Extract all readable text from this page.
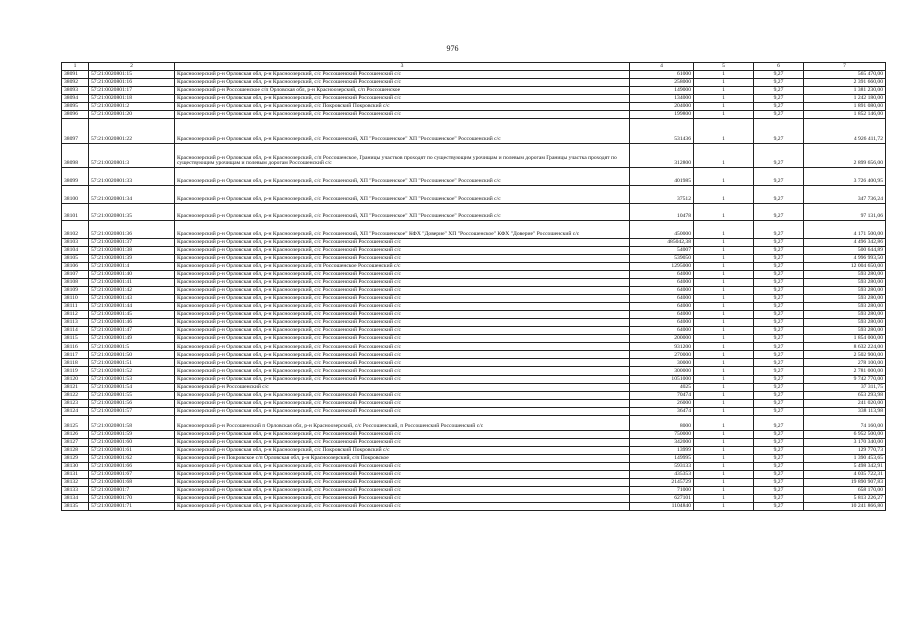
976
1	2	3	4	5	6	7
38091	57:21:0020801:15	Красноозерский р-н Орловская обл, р-н Красноозерский, с/с Россошенский Россошенский с/с	61000	1	9,27	565 470,00
38092	57:21:0020801:16	Красноозерский р-н Орловская обл, р-н Красноозерский, с/с Россошенский Россошенский с/с	258000	1	9,27	2 391 660,00
38093	57:21:0020801:17	Красноозерский р-н Россошенское с/п Орловская обл, р-н Красноозерский, с/п Россошенское	149000	1	9,27	1 381 230,00
38094	57:21:0020801:18	Красноозерский р-н Орловская обл, р-н Красноозерский, с/с Россошенский Россошенский с/с	134000	1	9,27	1 242 180,00
38095	57:21:0020801:2	Красноозерский р-н Орловская обл, р-н Красноозерский, с/с Покровский Покровский с/с	204000	1	9,27	1 891 080,00
38096	57:21:0020801:20	Красноозерский р-н Орловская обл, р-н Красноозерский, с/с Россошенский Россошенский с/с	199800	1	9,27	1 852 146,00
38097	57:21:0020801:22	Красноозерский р-н Орловская обл, р-н Красноозерский, с/с Россошенский, ХП "Россошенское" ХП "Россошенское" Россошенский с/с	531436	1	9,27	4 926 411,72
38098	57:21:0020801:3	Красноозерский р-н Орловская обл, р-н Красноозерский, с/п Россошенское, Границы участков проходят по существующим урочищам и полевым дорогам Границы участка проходят по существующим урочищам и полевым дорогам Россошенский с/с	312800	1	9,27	2 899 656,00
38099	57:21:0020801:33	Красноозерский р-н Орловская обл, р-н Красноозерский, с/с Россошенский, ХП "Россошенское" ХП "Россошенское" Россошенский с/с	401985	1	9,27	3 726 400,95
38100	57:21:0020801:34	Красноозерский р-н Орловская обл, р-н Красноозерский, с/с Россошенский, ХП "Россошенское" ХП "Россошенское" Россошенский с/с	37512	1	9,27	347 736,24
38101	57:21:0020801:35	Красноозерский р-н Орловская обл, р-н Красноозерский, с/с Россошенский, ХП "Россошенское" ХП "Россошенское" Россошенский с/с	10478	1	9,27	97 131,06
38102	57:21:0020801:36	Красноозерский р-н Орловская обл, р-н Красноозерский, с/с Россошенский, ХП "Россошенское" КФХ "Доверие" ХП "Россошенское" КФХ "Доверие" Россошенский с/с	450000	1	9,27	4 171 500,00
38103	57:21:0020801:37	Красноозерский р-н Орловская обл, р-н Красноозерский, с/с Россошенский Россошенский с/с	485042,38	1	9,27	4 496 342,86
38104	57:21:0020801:38	Красноозерский р-н Орловская обл, р-н Красноозерский, с/с Россошенский Россошенский с/с	54007	1	9,27	500 644,89
38105	57:21:0020801:39	Красноозерский р-н Орловская обл, р-н Красноозерский, с/с Россошенский Россошенский с/с	539050	1	9,27	4 996 993,50
38106	57:21:0020801:4	Красноозерский р-н Орловская обл, р-н Красноозерский, с/п Россошенское Россошенский с/с	1295000	1	9,27	12 004 650,00
38107	57:21:0020801:40	Красноозерский р-н Орловская обл, р-н Красноозерский, с/с Россошенский Россошенский с/с	64000	1	9,27	593 280,00
38108	57:21:0020801:41	Красноозерский р-н Орловская обл, р-н Красноозерский, с/с Россошенский Россошенский с/с	64000	1	9,27	593 280,00
38109	57:21:0020801:42	Красноозерский р-н Орловская обл, р-н Красноозерский, с/с Россошенский Россошенский с/с	64000	1	9,27	593 280,00
38110	57:21:0020801:43	Красноозерский р-н Орловская обл, р-н Красноозерский, с/с Россошенский Россошенский с/с	64000	1	9,27	593 280,00
38111	57:21:0020801:44	Красноозерский р-н Орловская обл, р-н Красноозерский, с/с Россошенский Россошенский с/с	64000	1	9,27	593 280,00
38112	57:21:0020801:45	Красноозерский р-н Орловская обл, р-н Красноозерский, с/с Россошенский Россошенский с/с	64000	1	9,27	593 280,00
38113	57:21:0020801:46	Красноозерский р-н Орловская обл, р-н Красноозерский, с/с Россошенский Россошенский с/с	64000	1	9,27	593 280,00
38114	57:21:0020801:47	Красноозерский р-н Орловская обл, р-н Красноозерский, с/с Россошенский Россошенский с/с	64000	1	9,27	593 280,00
38115	57:21:0020801:49	Красноозерский р-н Орловская обл, р-н Красноозерский, с/с Россошенский Россошенский с/с	200000	1	9,27	1 854 000,00
38116	57:21:0020801:5	Красноозерский р-н Орловская обл, р-н Красноозерский, с/с Россошенский Россошенский с/с	931200	1	9,27	8 632 224,00
38117	57:21:0020801:50	Красноозерский р-н Орловская обл, р-н Красноозерский, с/с Россошенский Россошенский с/с	270000	1	9,27	2 502 900,00
38118	57:21:0020801:51	Красноозерский р-н Орловская обл, р-н Красноозерский, с/с Россошенский Россошенский с/с	30000	1	9,27	278 100,00
38119	57:21:0020801:52	Красноозерский р-н Орловская обл, р-н Красноозерский, с/с Россошенский Россошенский с/с	300000	1	9,27	2 781 000,00
38120	57:21:0020801:53	Красноозерский р-н Орловская обл, р-н Красноозерский, с/с Россошенский Россошенский с/с	1051000	1	9,27	9 742 770,00
38121	57:21:0020801:54	Красноозерский р-н Россошенский с/с	4025	1	9,27	37 311,75
38122	57:21:0020801:55	Красноозерский р-н Орловская обл, р-н Красноозерский, с/с Россошенский Россошенский с/с	70474	1	9,27	653 293,98
38123	57:21:0020801:56	Красноозерский р-н Орловская обл, р-н Красноозерский, с/с Россошенский Россошенский с/с	26000	1	9,27	241 020,00
38124	57:21:0020801:57	Красноозерский р-н Орловская обл, р-н Красноозерский, с/с Россошенский Россошенский с/с	36474	1	9,27	338 113,98
38125	57:21:0020801:58	Красноозерский р-н Россошенский п Орловская обл, р-н Красноозерский, с/с Россошенский, п Россошенский Россошенский с/с	8000	1	9,27	74 160,00
38126	57:21:0020801:59	Красноозерский р-н Орловская обл, р-н Красноозерский, с/с Россошенский Россошенский с/с	750000	1	9,27	6 952 500,00
38127	57:21:0020801:60	Красноозерский р-н Орловская обл, р-н Красноозерский, с/с Россошенский Россошенский с/с	342000	1	9,27	3 170 340,00
38128	57:21:0020801:61	Красноозерский р-н Орловская обл, р-н Красноозерский, с/с Покровский Покровский с/с	13999	1	9,27	129 770,73
38129	57:21:0020801:62	Красноозерский р-н Покровское с/п Орловская обл, р-н Красноозерский, с/п Покровское	149995	1	9,27	1 390 453,65
38130	57:21:0020801:66	Красноозерский р-н Орловская обл, р-н Красноозерский, с/с Россошенский Россошенский с/с	593133	1	9,27	5 498 342,91
38131	57:21:0020801:67	Красноозерский р-н Орловская обл, р-н Красноозерский, с/с Россошенский Россошенский с/с	435353	1	9,27	4 035 722,31
38132	57:21:0020801:68	Красноозерский р-н Орловская обл, р-н Красноозерский, с/с Россошенский Россошенский с/с	2145729	1	9,27	19 890 907,83
38133	57:21:0020801:7	Красноозерский р-н Орловская обл, р-н Красноозерский, с/с Россошенский Россошенский с/с	71000	1	9,27	658 170,00
38134	57:21:0020801:70	Красноозерский р-н Орловская обл, р-н Красноозерский, с/с Россошенский Россошенский с/с	627101	1	9,27	5 813 226,27
38135	57:21:0020801:71	Красноозерский р-н Орловская обл, р-н Красноозерский, с/с Россошенский Россошенский с/с	1104840	1	9,27	10 241 866,80
